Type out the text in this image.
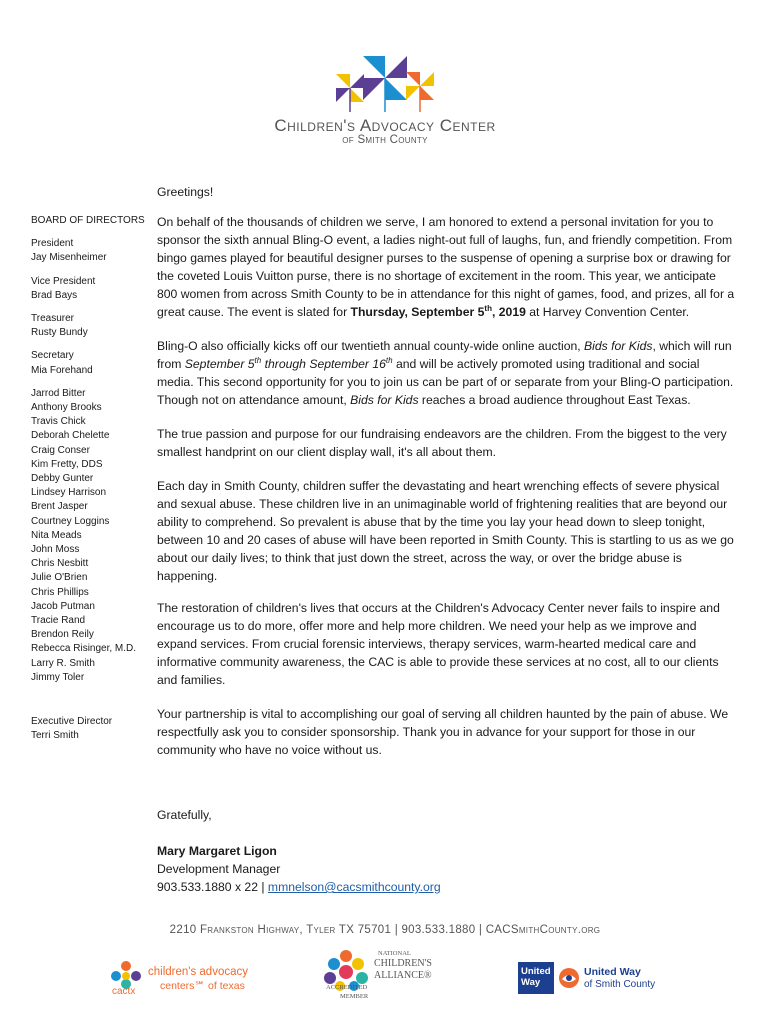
Children's Advocacy Center
of Smith County
BOARD OF DIRECTORS
President
Jay Misenheimer
Vice President
Brad Bays
Treasurer
Rusty Bundy
Secretary
Mia Forehand
Jarrod Bitter
Anthony Brooks
Travis Chick
Deborah Chelette
Craig Conser
Kim Fretty, DDS
Debby Gunter
Lindsey Harrison
Brent Jasper
Courtney Loggins
Nita Meads
John Moss
Chris Nesbitt
Julie O'Brien
Chris Phillips
Jacob Putman
Tracie Rand
Brendon Reily
Rebecca Risinger, M.D.
Larry R. Smith
Jimmy Toler
Executive Director
Terri Smith

Greetings!

On behalf of the thousands of children we serve, I am honored to extend a personal invitation for you to sponsor the sixth annual Bling-O event, a ladies night-out full of laughs, fun, and friendly competition. From bingo games played for beautiful designer purses to the suspense of opening a surprise box or drawing for the coveted Louis Vuitton purse, there is no shortage of excitement in the room. This year, we anticipate 800 women from across Smith County to be in attendance for this night of games, food, and prizes, all for a great cause. The event is slated for Thursday, September 5th, 2019 at Harvey Convention Center.

Bling-O also officially kicks off our twentieth annual county-wide online auction, Bids for Kids, which will run from September 5th through September 16th and will be actively promoted using traditional and social media. This second opportunity for you to join us can be part of or separate from your Bling-O participation. Though not on attendance amount, Bids for Kids reaches a broad audience throughout East Texas.

The true passion and purpose for our fundraising endeavors are the children. From the biggest to the very smallest handprint on our client display wall, it's all about them.

Each day in Smith County, children suffer the devastating and heart wrenching effects of severe physical and sexual abuse. These children live in an unimaginable world of frightening realities that are beyond our ability to comprehend. So prevalent is abuse that by the time you lay your head down to sleep tonight, between 10 and 20 cases of abuse will have been reported in Smith County. This is startling to us as we go about our daily lives; to think that just down the street, across the way, or over the bridge abuse is happening.

The restoration of children's lives that occurs at the Children's Advocacy Center never fails to inspire and encourage us to do more, offer more and help more children. We need your help as we improve and expand services. From crucial forensic interviews, therapy services, warm-hearted medical care and informative community awareness, the CAC is able to provide these services at no cost, all to our clients and families.

Your partnership is vital to accomplishing our goal of serving all children haunted by the pain of abuse. We respectfully ask you to consider sponsorship. Thank you in advance for your support for those in our community who have no voice without us.

Gratefully,
Mary Margaret Ligon
Development Manager
903.533.1880 x 22 | mmnelson@cacsmithcounty.org
2210 Frankston Highway, Tyler TX 75701 | 903.533.1880 | CACSmithCounty.org
cactx
children's advocacy
centers℠ of texas
NATIONAL
CHILDREN'S
ALLIANCE®
ACCREDITED
MEMBER
United
Way
United Way
of Smith County
